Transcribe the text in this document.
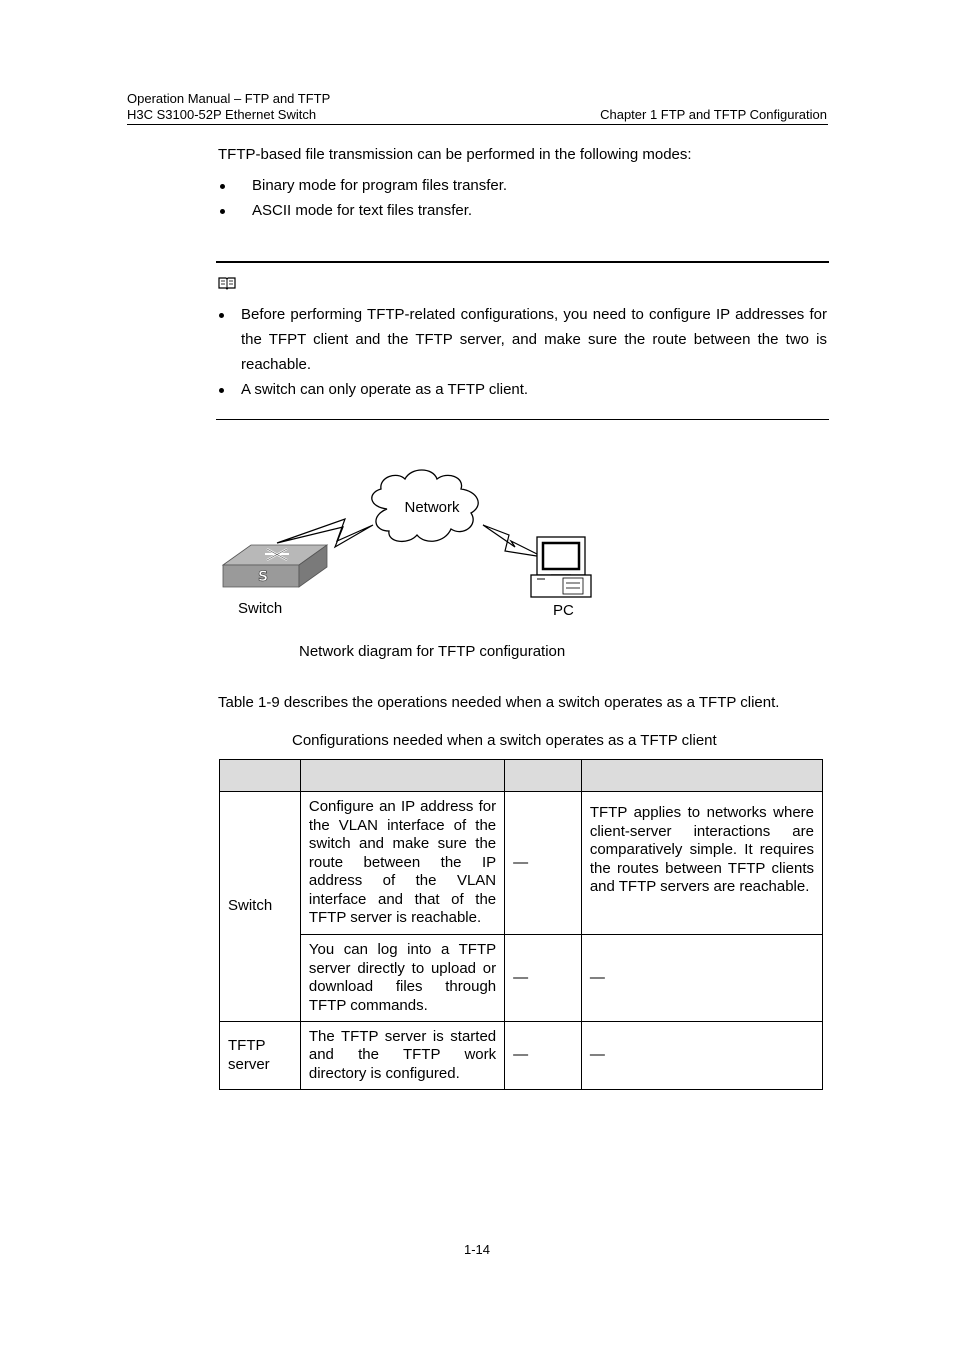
Operation Manual – FTP and TFTP
H3C S3100-52P Ethernet Switch	Chapter 1 FTP and TFTP Configuration
TFTP-based file transmission can be performed in the following modes:
Binary mode for program files transfer.
ASCII mode for text files transfer.
Before performing TFTP-related configurations, you need to configure IP addresses for the TFPT client and the TFTP server, and make sure the route between the two is reachable.
A switch can only operate as a TFTP client.
S
Network
Switch	PC
Network diagram for TFTP configuration
Table 1-9 describes the operations needed when a switch operates as a TFTP client.
Configurations needed when a switch operates as a TFTP client

Switch	Configure an IP address for the VLAN interface of the switch and make sure the route between the IP address of the VLAN interface and that of the TFTP server is reachable.	—	TFTP applies to networks where client-server interactions are comparatively simple. It requires the routes between TFTP clients and TFTP servers are reachable.
	You can log into a TFTP server directly to upload or download files through TFTP commands.	—	—
TFTP server	The TFTP server is started and the TFTP work directory is configured.	—	—
1-14
